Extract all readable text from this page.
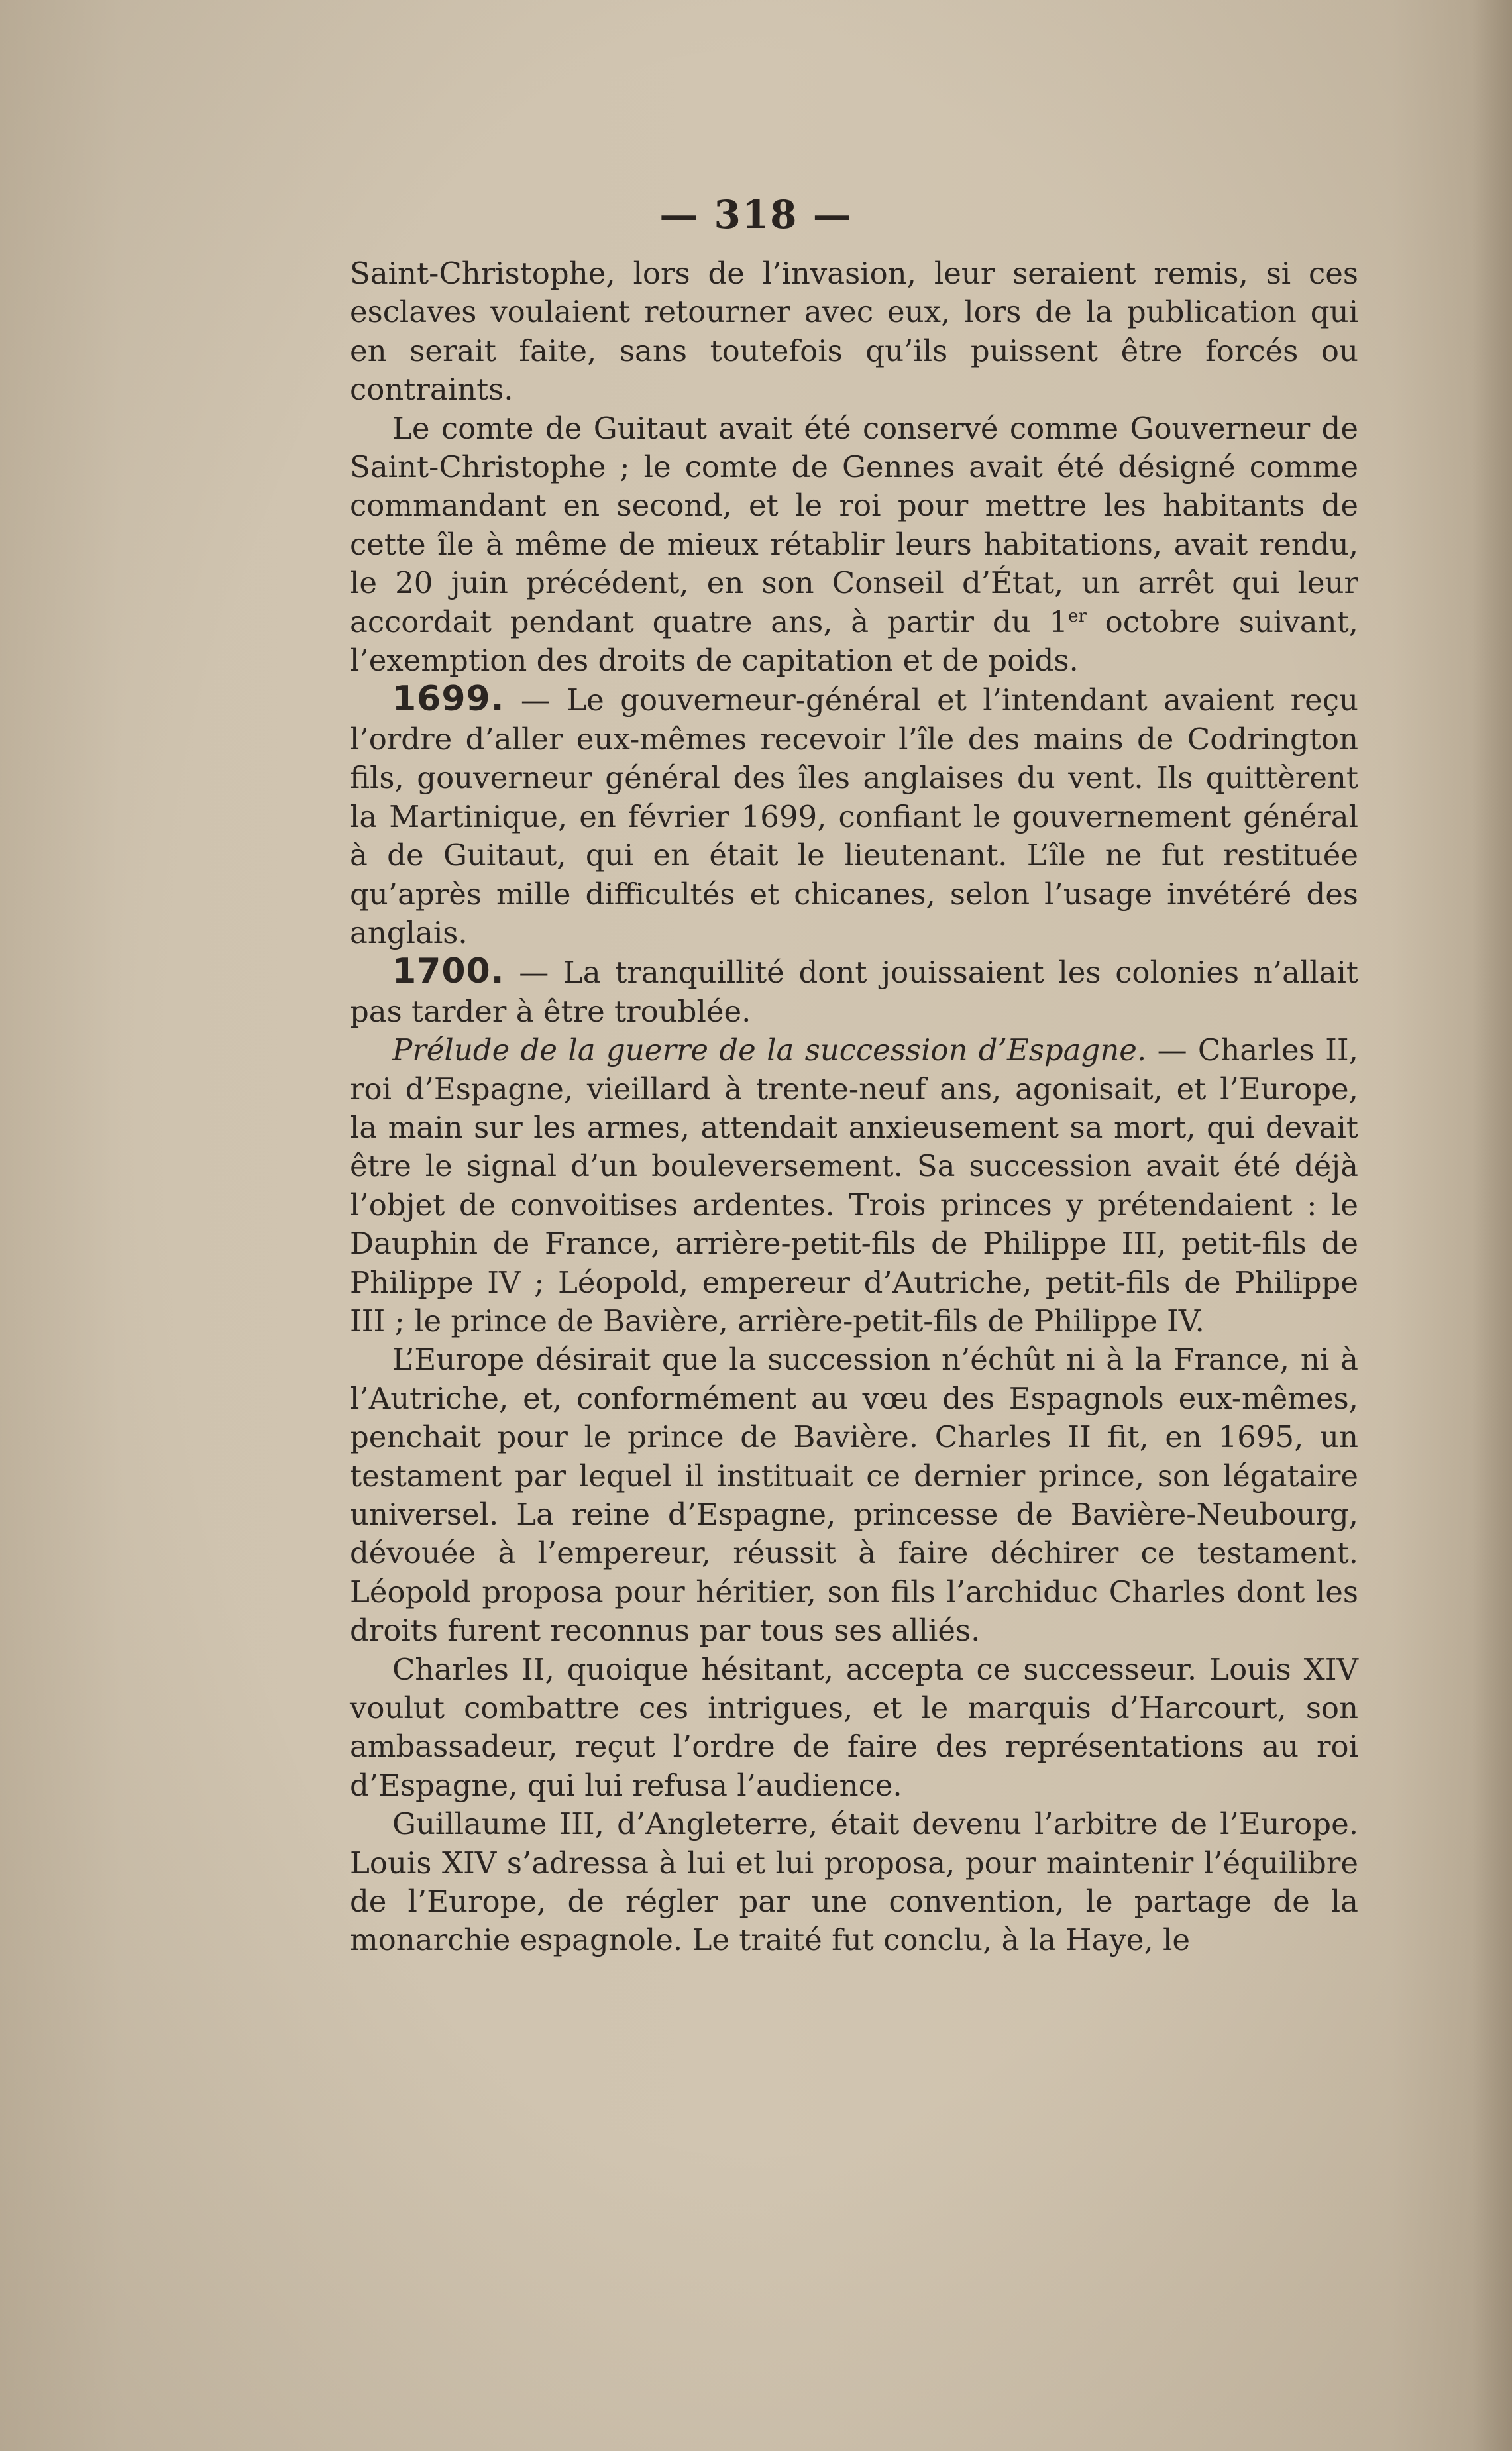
— 318 —

Saint-Christophe, lors de l’invasion, leur seraient remis, si ces esclaves voulaient retourner avec eux, lors de la publication qui en serait faite, sans toutefois qu’ils puissent être forcés ou contraints.

Le comte de Guitaut avait été conservé comme Gouverneur de Saint-Christophe ; le comte de Gennes avait été désigné comme commandant en second, et le roi pour mettre les habitants de cette île à même de mieux rétablir leurs habitations, avait rendu, le 20 juin précédent, en son Conseil d’État, un arrêt qui leur accordait pendant quatre ans, à partir du 1er octobre suivant, l’exemption des droits de capitation et de poids.

1699. — Le gouverneur-général et l’intendant avaient reçu l’ordre d’aller eux-mêmes recevoir l’île des mains de Codrington fils, gouverneur général des îles anglaises du vent. Ils quittèrent la Martinique, en février 1699, confiant le gouvernement général à de Guitaut, qui en était le lieutenant. L’île ne fut restituée qu’après mille difficultés et chicanes, selon l’usage invétéré des anglais.

1700. — La tranquillité dont jouissaient les colonies n’allait pas tarder à être troublée.

Prélude de la guerre de la succession d’Espagne. — Charles II, roi d’Espagne, vieillard à trente-neuf ans, agonisait, et l’Europe, la main sur les armes, attendait anxieusement sa mort, qui devait être le signal d’un bouleversement. Sa succession avait été déjà l’objet de convoitises ardentes. Trois princes y prétendaient : le Dauphin de France, arrière-petit-fils de Philippe III, petit-fils de Philippe IV ; Léopold, empereur d’Autriche, petit-fils de Philippe III ; le prince de Bavière, arrière-petit-fils de Philippe IV.

L’Europe désirait que la succession n’échût ni à la France, ni à l’Autriche, et, conformément au vœu des Espagnols eux-mêmes, penchait pour le prince de Bavière. Charles II fit, en 1695, un testament par lequel il instituait ce dernier prince, son légataire universel. La reine d’Espagne, princesse de Bavière-Neubourg, dévouée à l’empereur, réussit à faire déchirer ce testament. Léopold proposa pour héritier, son fils l’archiduc Charles dont les droits furent reconnus par tous ses alliés.

Charles II, quoique hésitant, accepta ce successeur. Louis XIV voulut combattre ces intrigues, et le marquis d’Harcourt, son ambassadeur, reçut l’ordre de faire des représentations au roi d’Espagne, qui lui refusa l’audience.

Guillaume III, d’Angleterre, était devenu l’arbitre de l’Europe. Louis XIV s’adressa à lui et lui proposa, pour maintenir l’équilibre de l’Europe, de régler par une convention, le partage de la monarchie espagnole. Le traité fut conclu, à la Haye, le
